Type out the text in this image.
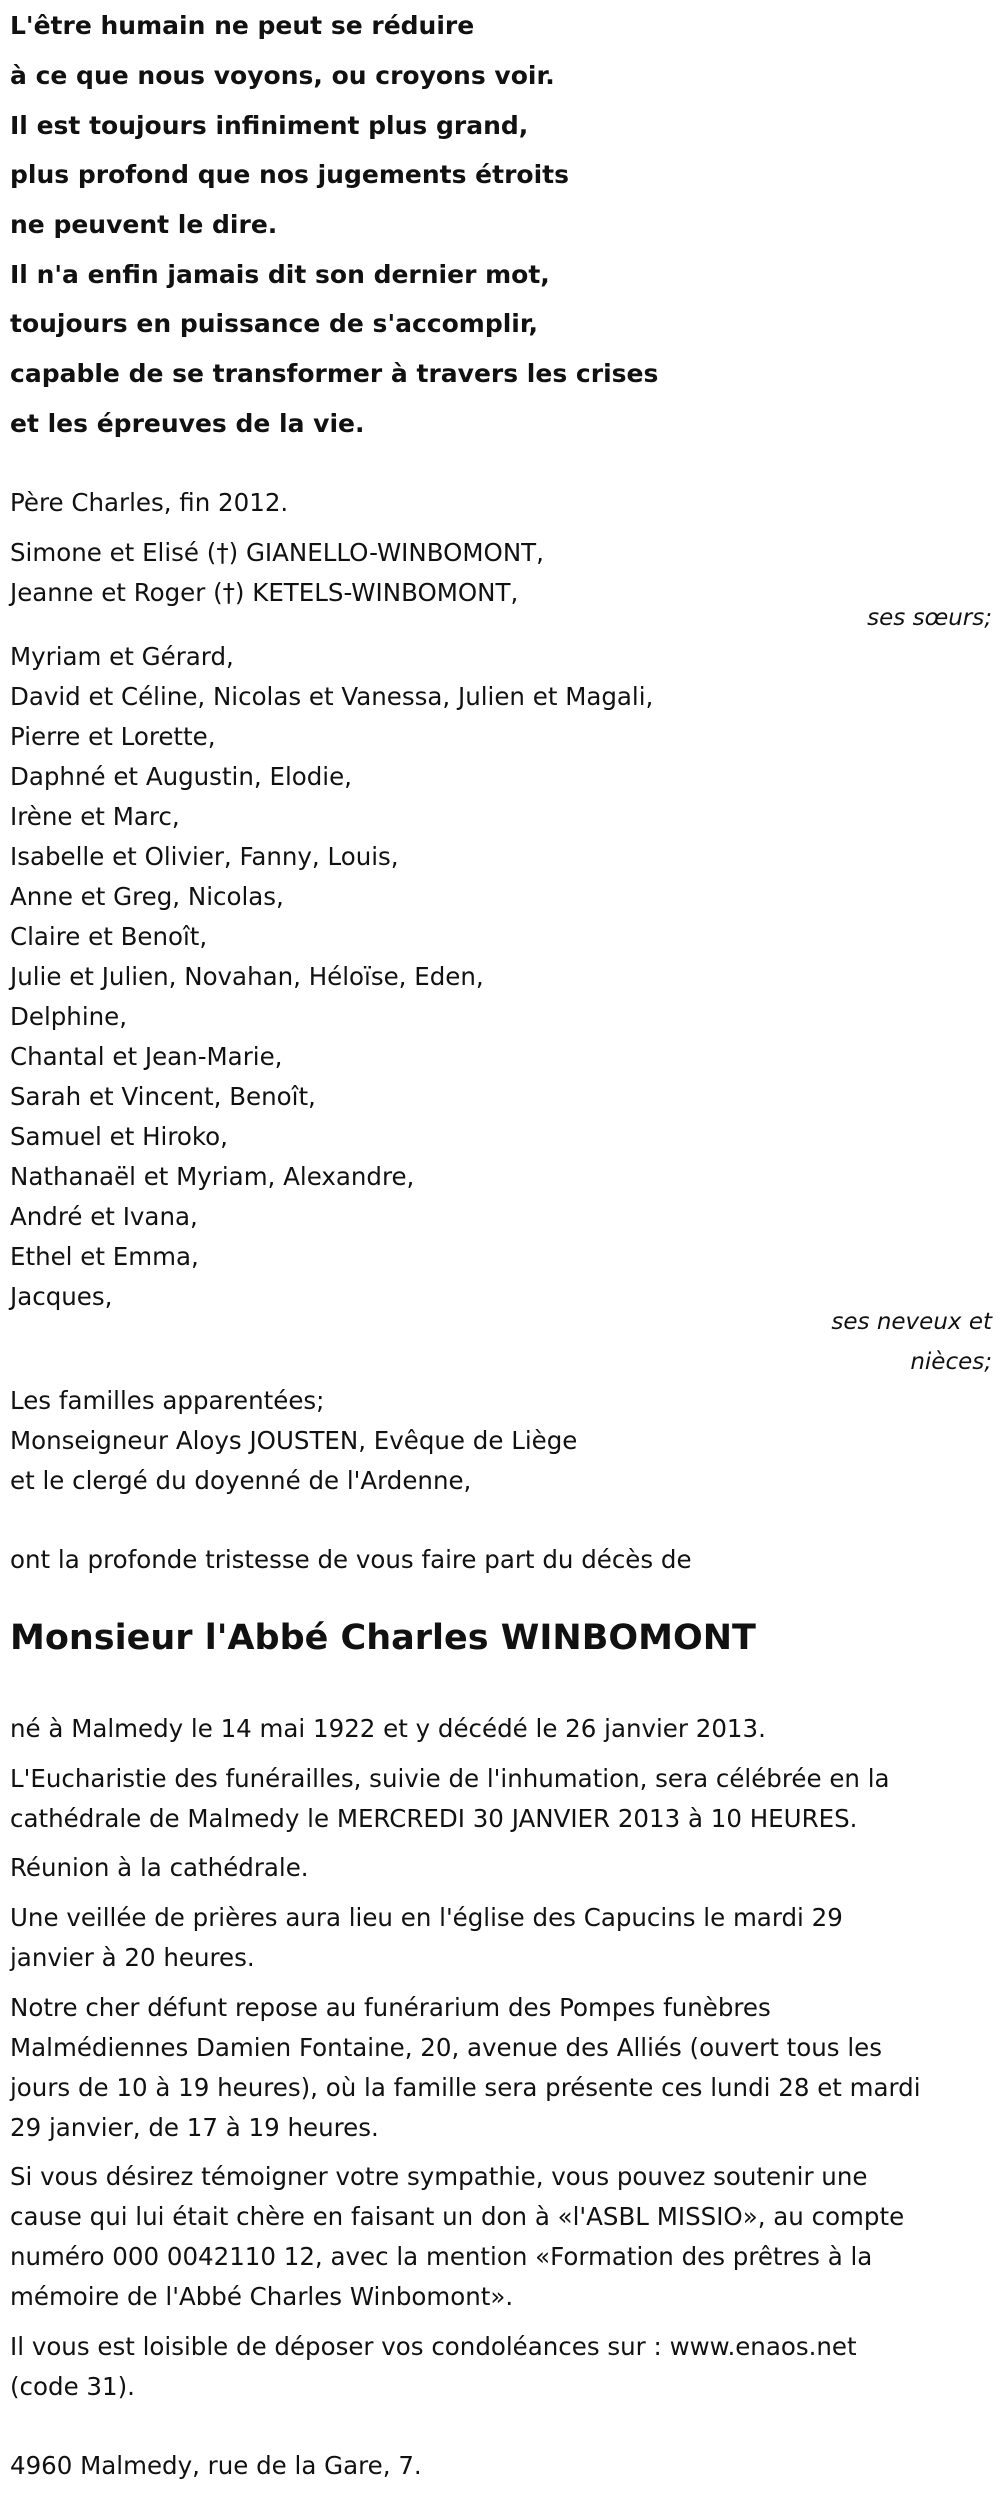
L'être humain ne peut se réduire
à ce que nous voyons, ou croyons voir.
Il est toujours infiniment plus grand,
plus profond que nos jugements étroits
ne peuvent le dire.
Il n'a enfin jamais dit son dernier mot,
toujours en puissance de s'accomplir,
capable de se transformer à travers les crises
et les épreuves de la vie.
Père Charles, fin 2012.
Simone et Elisé (†) GIANELLO-WINBOMONT,
Jeanne et Roger (†) KETELS-WINBOMONT,
ses sœurs;
Myriam et Gérard,
David et Céline, Nicolas et Vanessa, Julien et Magali,
Pierre et Lorette,
Daphné et Augustin, Elodie,
Irène et Marc,
Isabelle et Olivier, Fanny, Louis,
Anne et Greg, Nicolas,
Claire et Benoît,
Julie et Julien, Novahan, Héloïse, Eden,
Delphine,
Chantal et Jean-Marie,
Sarah et Vincent, Benoît,
Samuel et Hiroko,
Nathanaël et Myriam, Alexandre,
André et Ivana,
Ethel et Emma,
Jacques,
ses neveux et
nièces;
Les familles apparentées;
Monseigneur Aloys JOUSTEN, Evêque de Liège
et le clergé du doyenné de l'Ardenne,
ont la profonde tristesse de vous faire part du décès de
Monsieur l'Abbé Charles WINBOMONT
né à Malmedy le 14 mai 1922 et y décédé le 26 janvier 2013.
L'Eucharistie des funérailles, suivie de l'inhumation, sera célébrée en la
cathédrale de Malmedy le MERCREDI 30 JANVIER 2013 à 10 HEURES.
Réunion à la cathédrale.
Une veillée de prières aura lieu en l'église des Capucins le mardi 29
janvier à 20 heures.
Notre cher défunt repose au funérarium des Pompes funèbres
Malmédiennes Damien Fontaine, 20, avenue des Alliés (ouvert tous les
jours de 10 à 19 heures), où la famille sera présente ces lundi 28 et mardi
29 janvier, de 17 à 19 heures.
Si vous désirez témoigner votre sympathie, vous pouvez soutenir une
cause qui lui était chère en faisant un don à «l'ASBL MISSIO», au compte
numéro 000 0042110 12, avec la mention «Formation des prêtres à la
mémoire de l'Abbé Charles Winbomont».
Il vous est loisible de déposer vos condoléances sur : www.enaos.net
(code 31).
4960 Malmedy, rue de la Gare, 7.
